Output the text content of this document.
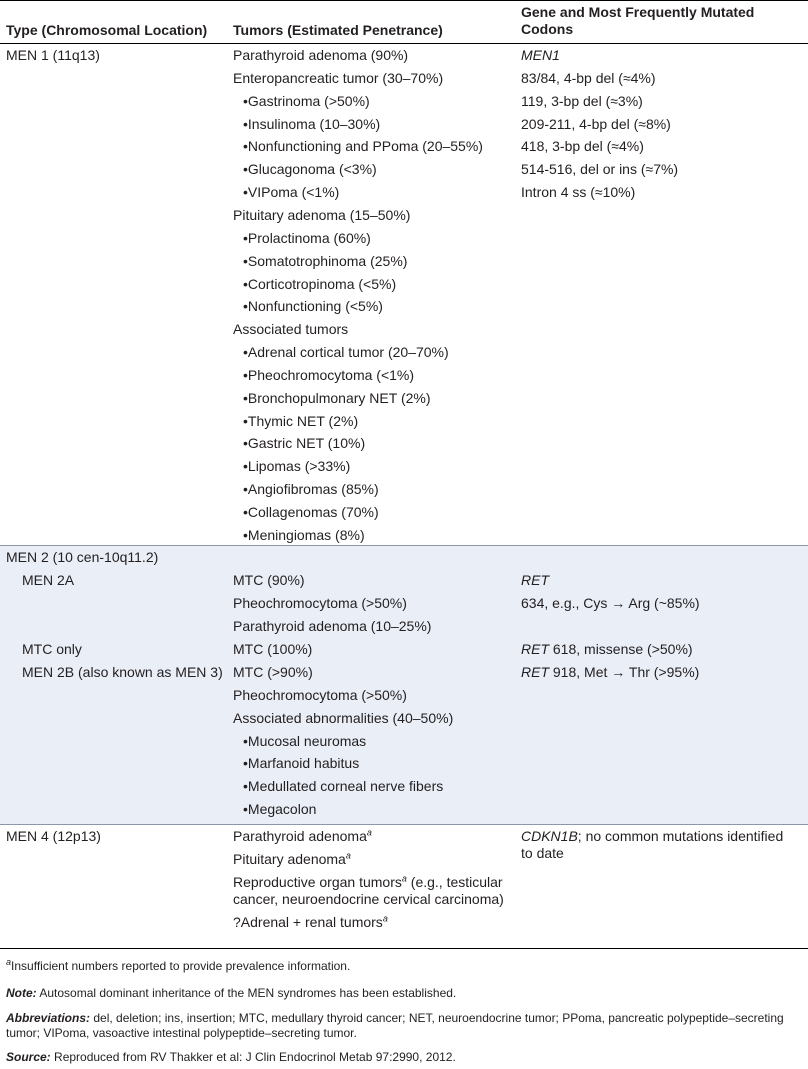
Type (Chromosomal Location) Tumors (Estimated Penetrance)
Gene and Most Frequently Mutated Codons
MEN 1 (11q13)	Parathyroid adenoma (90%)
Enteropancreatic tumor (30–70%)
•Gastrinoma (>50%)
•Insulinoma (10–30%)
•Nonfunctioning and PPoma (20–55%)
•Glucagonoma (<3%)
•VIPoma (<1%)
Pituitary adenoma (15–50%)
•Prolactinoma (60%)
•Somatotrophinoma (25%)
•Corticotropinoma (<5%)
•Nonfunctioning (<5%)
Associated tumors
•Adrenal cortical tumor (20–70%)
•Pheochromocytoma (<1%)
•Bronchopulmonary NET (2%)
•Thymic NET (2%)
•Gastric NET (10%)
•Lipomas (>33%)
•Angiofibromas (85%)
•Collagenomas (70%)
•Meningiomas (8%)
MEN1
83/84, 4-bp del (≈4%)
119, 3-bp del (≈3%)
209-211, 4-bp del (≈8%)
418, 3-bp del (≈4%)
514-516, del or ins (≈7%)
Intron 4 ss (≈10%)
MEN 2 (10 cen-10q11.2)
MEN 2A
MTC only
MEN 2B (also known as MEN 3)
MTC (90%)
Pheochromocytoma (>50%)
Parathyroid adenoma (10–25%)
MTC (100%)
MTC (>90%)
Pheochromocytoma (>50%)
Associated abnormalities (40–50%)
•Mucosal neuromas
•Marfanoid habitus
•Medullated corneal nerve fibers
•Megacolon
RET
634, e.g., Cys → Arg (~85%)
RET 618, missense (>50%)
RET 918, Met → Thr (>95%)
MEN 4 (12p13)	Parathyroid adenoma$^a$
Pituitary adenoma$^a$
Reproductive organ tumors$^a$ (e.g., testicular cancer, neuroendocrine cervical carcinoma)
?Adrenal + renal tumors$^a$
CDKN1B; no common mutations identified to date
$^a$Insufficient numbers reported to provide prevalence information.
Note: Autosomal dominant inheritance of the MEN syndromes has been established.
Abbreviations: del, deletion; ins, insertion; MTC, medullary thyroid cancer; NET, neuroendocrine tumor; PPoma, pancreatic polypeptide–secreting tumor; VIPoma, vasoactive intestinal polypeptide–secreting tumor.
Source: Reproduced from RV Thakker et al: J Clin Endocrinol Metab 97:2990, 2012.
